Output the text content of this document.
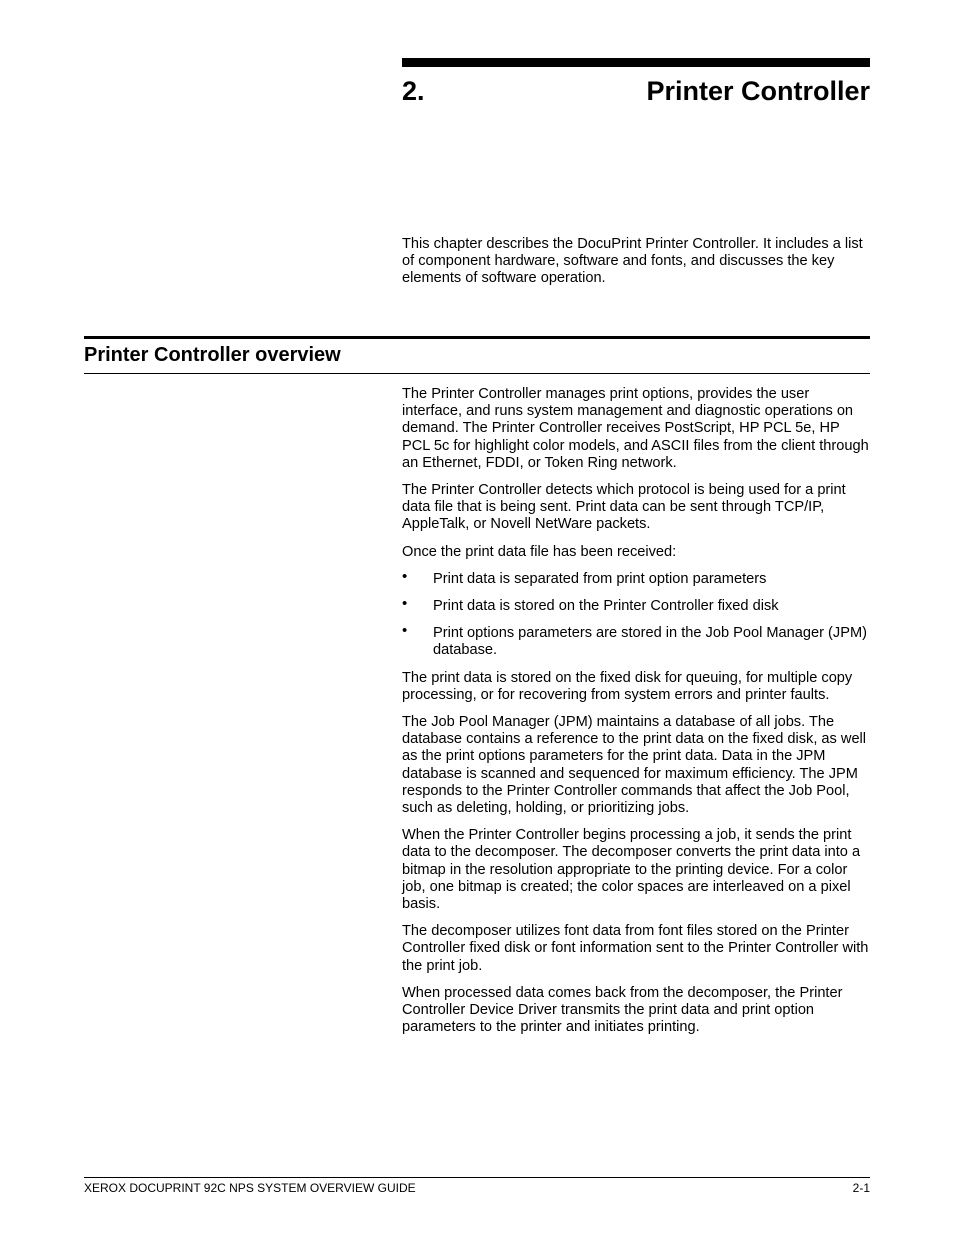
2.	Printer Controller

This chapter describes the DocuPrint Printer Controller. It includes a list of component hardware, software and fonts, and discusses the key elements of software operation.

Printer Controller overview

The Printer Controller manages print options, provides the user interface, and runs system management and diagnostic operations on demand. The Printer Controller receives PostScript, HP PCL 5e, HP PCL 5c for highlight color models, and ASCII files from the client through an Ethernet, FDDI, or Token Ring network.

The Printer Controller detects which protocol is being used for a print data file that is being sent. Print data can be sent through TCP/IP, AppleTalk, or Novell NetWare packets.

Once the print data file has been received:

• Print data is separated from print option parameters
• Print data is stored on the Printer Controller fixed disk
• Print options parameters are stored in the Job Pool Manager (JPM) database.

The print data is stored on the fixed disk for queuing, for multiple copy processing, or for recovering from system errors and printer faults.

The Job Pool Manager (JPM) maintains a database of all jobs. The database contains a reference to the print data on the fixed disk, as well as the print options parameters for the print data. Data in the JPM database is scanned and sequenced for maximum efficiency. The JPM responds to the Printer Controller commands that affect the Job Pool, such as deleting, holding, or prioritizing jobs.

When the Printer Controller begins processing a job, it sends the print data to the decomposer. The decomposer converts the print data into a bitmap in the resolution appropriate to the printing device. For a color job, one bitmap is created; the color spaces are interleaved on a pixel basis.

The decomposer utilizes font data from font files stored on the Printer Controller fixed disk or font information sent to the Printer Controller with the print job.

When processed data comes back from the decomposer, the Printer Controller Device Driver transmits the print data and print option parameters to the printer and initiates printing.

XEROX DOCUPRINT 92C NPS SYSTEM OVERVIEW GUIDE	2-1
